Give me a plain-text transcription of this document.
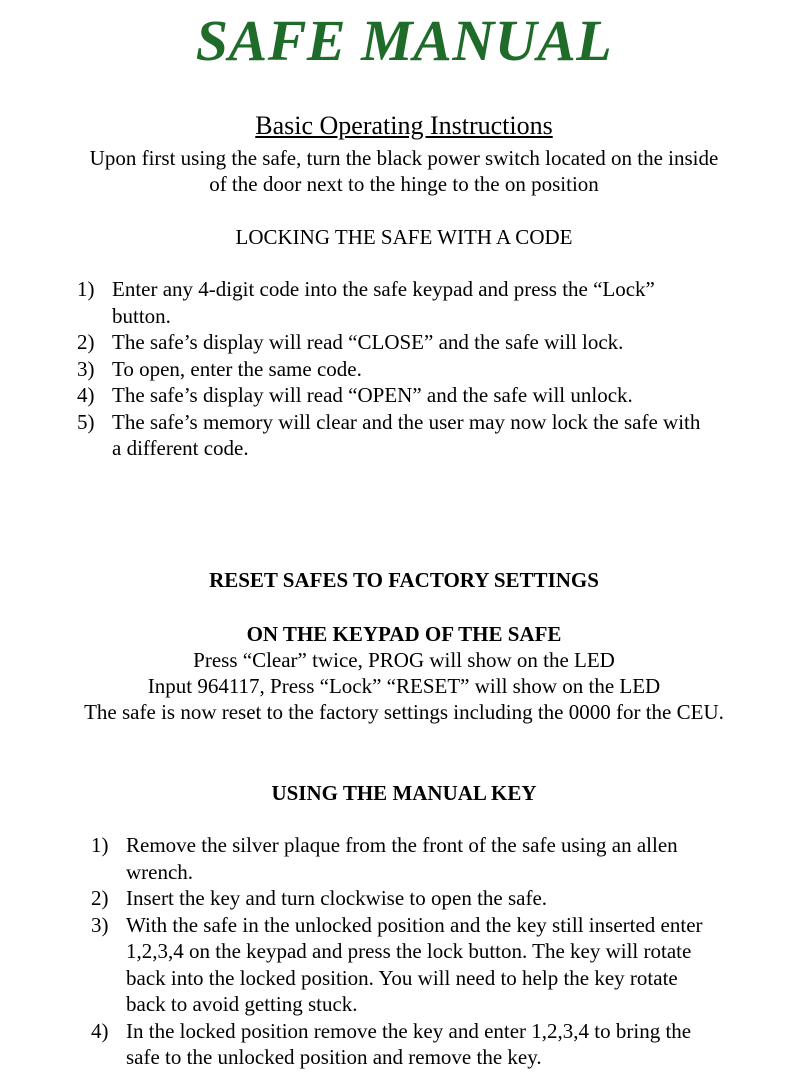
SAFE MANUAL
Basic Operating Instructions
Upon first using the safe, turn the black power switch located on the inside
of the door next to the hinge to the on position
LOCKING THE SAFE WITH A CODE
1) Enter any 4-digit code into the safe keypad and press the “Lock”
button.
2) The safe’s display will read “CLOSE” and the safe will lock.
3) To open, enter the same code.
4) The safe’s display will read “OPEN” and the safe will unlock.
5) The safe’s memory will clear and the user may now lock the safe with
a different code.
RESET SAFES TO FACTORY SETTINGS
ON THE KEYPAD OF THE SAFE
Press “Clear” twice, PROG will show on the LED
Input 964117, Press “Lock” “RESET” will show on the LED
The safe is now reset to the factory settings including the 0000 for the CEU.
USING THE MANUAL KEY
1) Remove the silver plaque from the front of the safe using an allen
wrench.
2) Insert the key and turn clockwise to open the safe.
3) With the safe in the unlocked position and the key still inserted enter
1,2,3,4 on the keypad and press the lock button. The key will rotate
back into the locked position. You will need to help the key rotate
back to avoid getting stuck.
4) In the locked position remove the key and enter 1,2,3,4 to bring the
safe to the unlocked position and remove the key.
